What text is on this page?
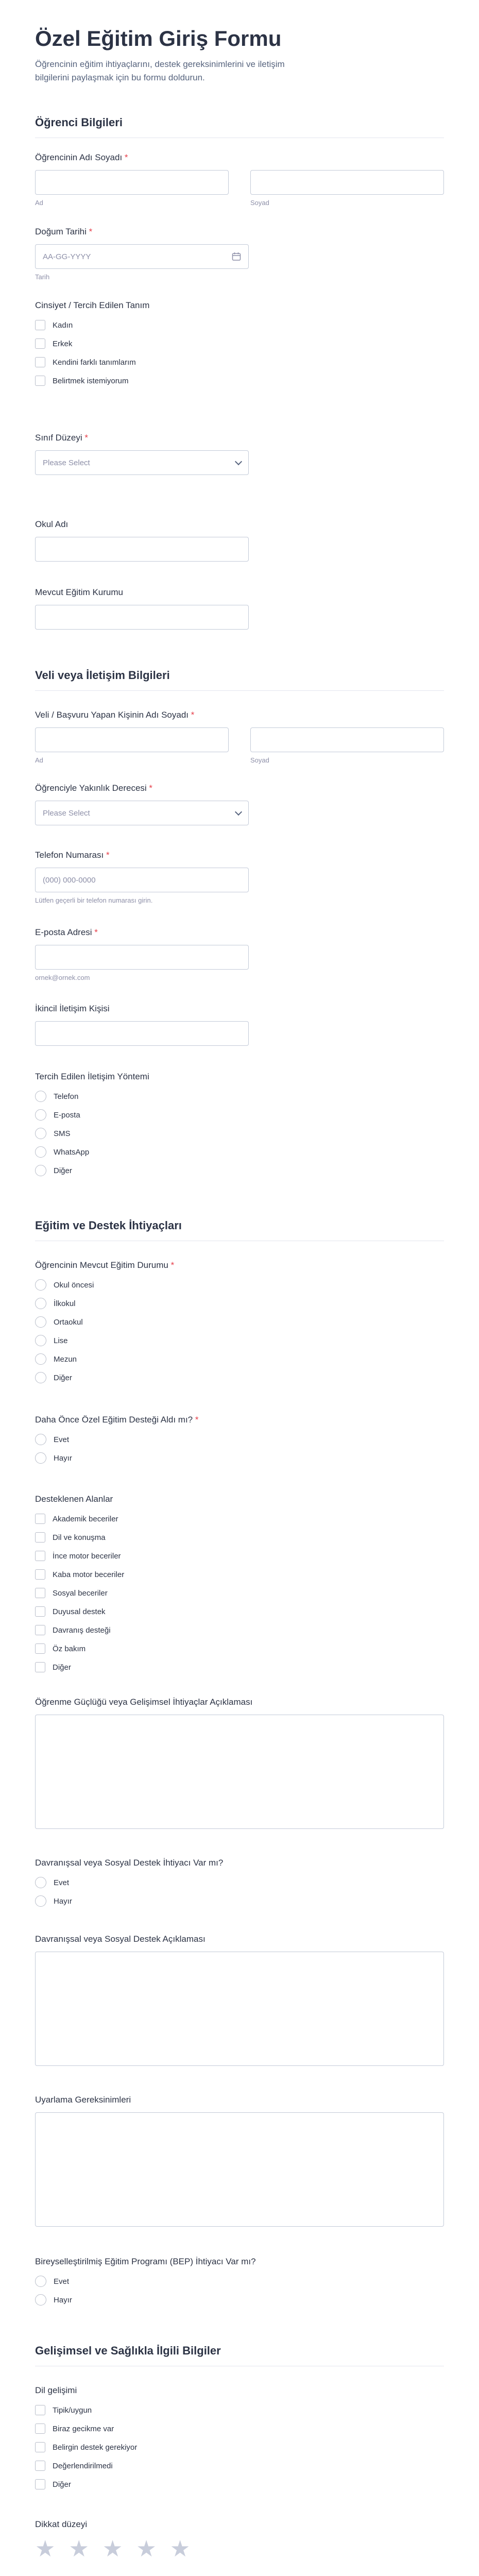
Özel Eğitim Giriş Formu

Öğrencinin eğitim ihtiyaçlarını, destek gereksinimlerini ve iletişim bilgilerini paylaşmak için bu formu doldurun.

Öğrenci Bilgileri
Öğrencinin Adı Soyadı *
Ad	Soyad
Doğum Tarihi *
AA-GG-YYYY
Tarih
Cinsiyet / Tercih Edilen Tanım
Kadın
Erkek
Kendini farklı tanımlarım
Belirtmek istemiyorum
Sınıf Düzeyi *
Please Select
Okul Adı
Mevcut Eğitim Kurumu
Veli veya İletişim Bilgileri
Veli / Başvuru Yapan Kişinin Adı Soyadı *
Ad	Soyad
Öğrenciyle Yakınlık Derecesi *
Please Select
Telefon Numarası *
(000) 000-0000
Lütfen geçerli bir telefon numarası girin.
E-posta Adresi *
ornek@ornek.com
İkincil İletişim Kişisi
Tercih Edilen İletişim Yöntemi
Telefon
E-posta
SMS
WhatsApp
Diğer
Eğitim ve Destek İhtiyaçları
Öğrencinin Mevcut Eğitim Durumu *
Okul öncesi
İlkokul
Ortaokul
Lise
Mezun
Diğer
Daha Önce Özel Eğitim Desteği Aldı mı? *
Evet
Hayır
Desteklenen Alanlar
Akademik beceriler
Dil ve konuşma
İnce motor beceriler
Kaba motor beceriler
Sosyal beceriler
Duyusal destek
Davranış desteği
Öz bakım
Diğer
Öğrenme Güçlüğü veya Gelişimsel İhtiyaçlar Açıklaması
Davranışsal veya Sosyal Destek İhtiyacı Var mı?
Evet
Hayır
Davranışsal veya Sosyal Destek Açıklaması
Uyarlama Gereksinimleri
Bireyselleştirilmiş Eğitim Programı (BEP) İhtiyacı Var mı?
Evet
Hayır
Gelişimsel ve Sağlıkla İlgili Bilgiler
Dil gelişimi
Tipik/uygun
Biraz gecikme var
Belirgin destek gerekiyor
Değerlendirilmedi
Diğer
Dikkat düzeyi
★ ★ ★ ★ ★
